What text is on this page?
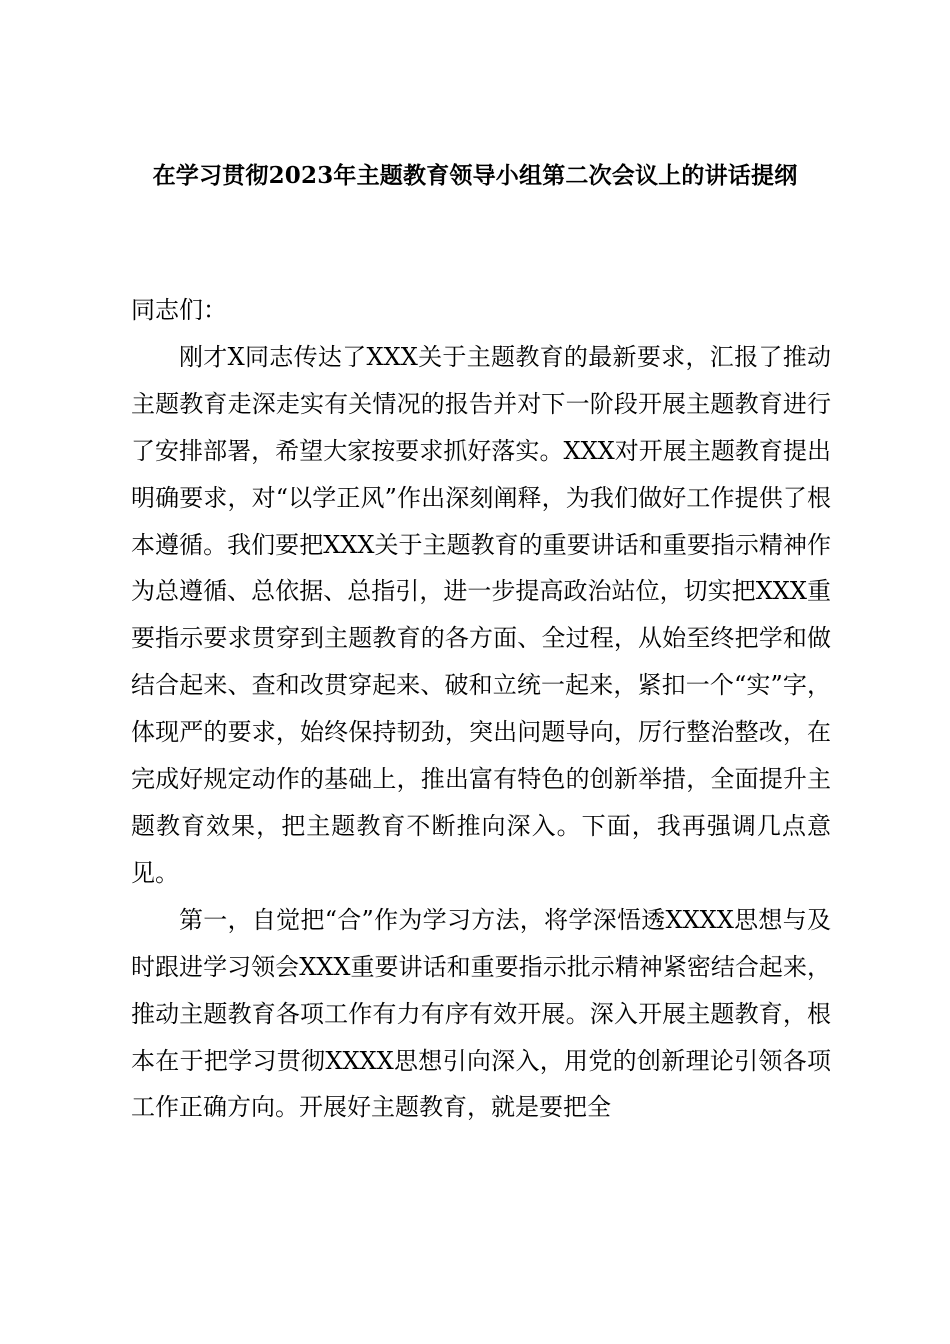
在学习贯彻2023年主题教育领导小组第二次会议上的讲话提纲

同志们：

刚才X同志传达了XXX关于主题教育的最新要求，汇报了推动主题教育走深走实有关情况的报告并对下一阶段开展主题教育进行了安排部署，希望大家按要求抓好落实。XXX对开展主题教育提出明确要求，对“以学正风”作出深刻阐释，为我们做好工作提供了根本遵循。我们要把XXX关于主题教育的重要讲话和重要指示精神作为总遵循、总依据、总指引，进一步提高政治站位，切实把XXX重要指示要求贯穿到主题教育的各方面、全过程，从始至终把学和做结合起来、查和改贯穿起来、破和立统一起来，紧扣一个“实”字，体现严的要求，始终保持韧劲，突出问题导向，厉行整治整改，在完成好规定动作的基础上，推出富有特色的创新举措，全面提升主题教育效果，把主题教育不断推向深入。下面，我再强调几点意见。

第一，自觉把“合”作为学习方法，将学深悟透XXXX思想与及时跟进学习领会XXX重要讲话和重要指示批示精神紧密结合起来，推动主题教育各项工作有力有序有效开展。深入开展主题教育，根本在于把学习贯彻XXXX思想引向深入，用党的创新理论引领各项工作正确方向。开展好主题教育，就是要把全
